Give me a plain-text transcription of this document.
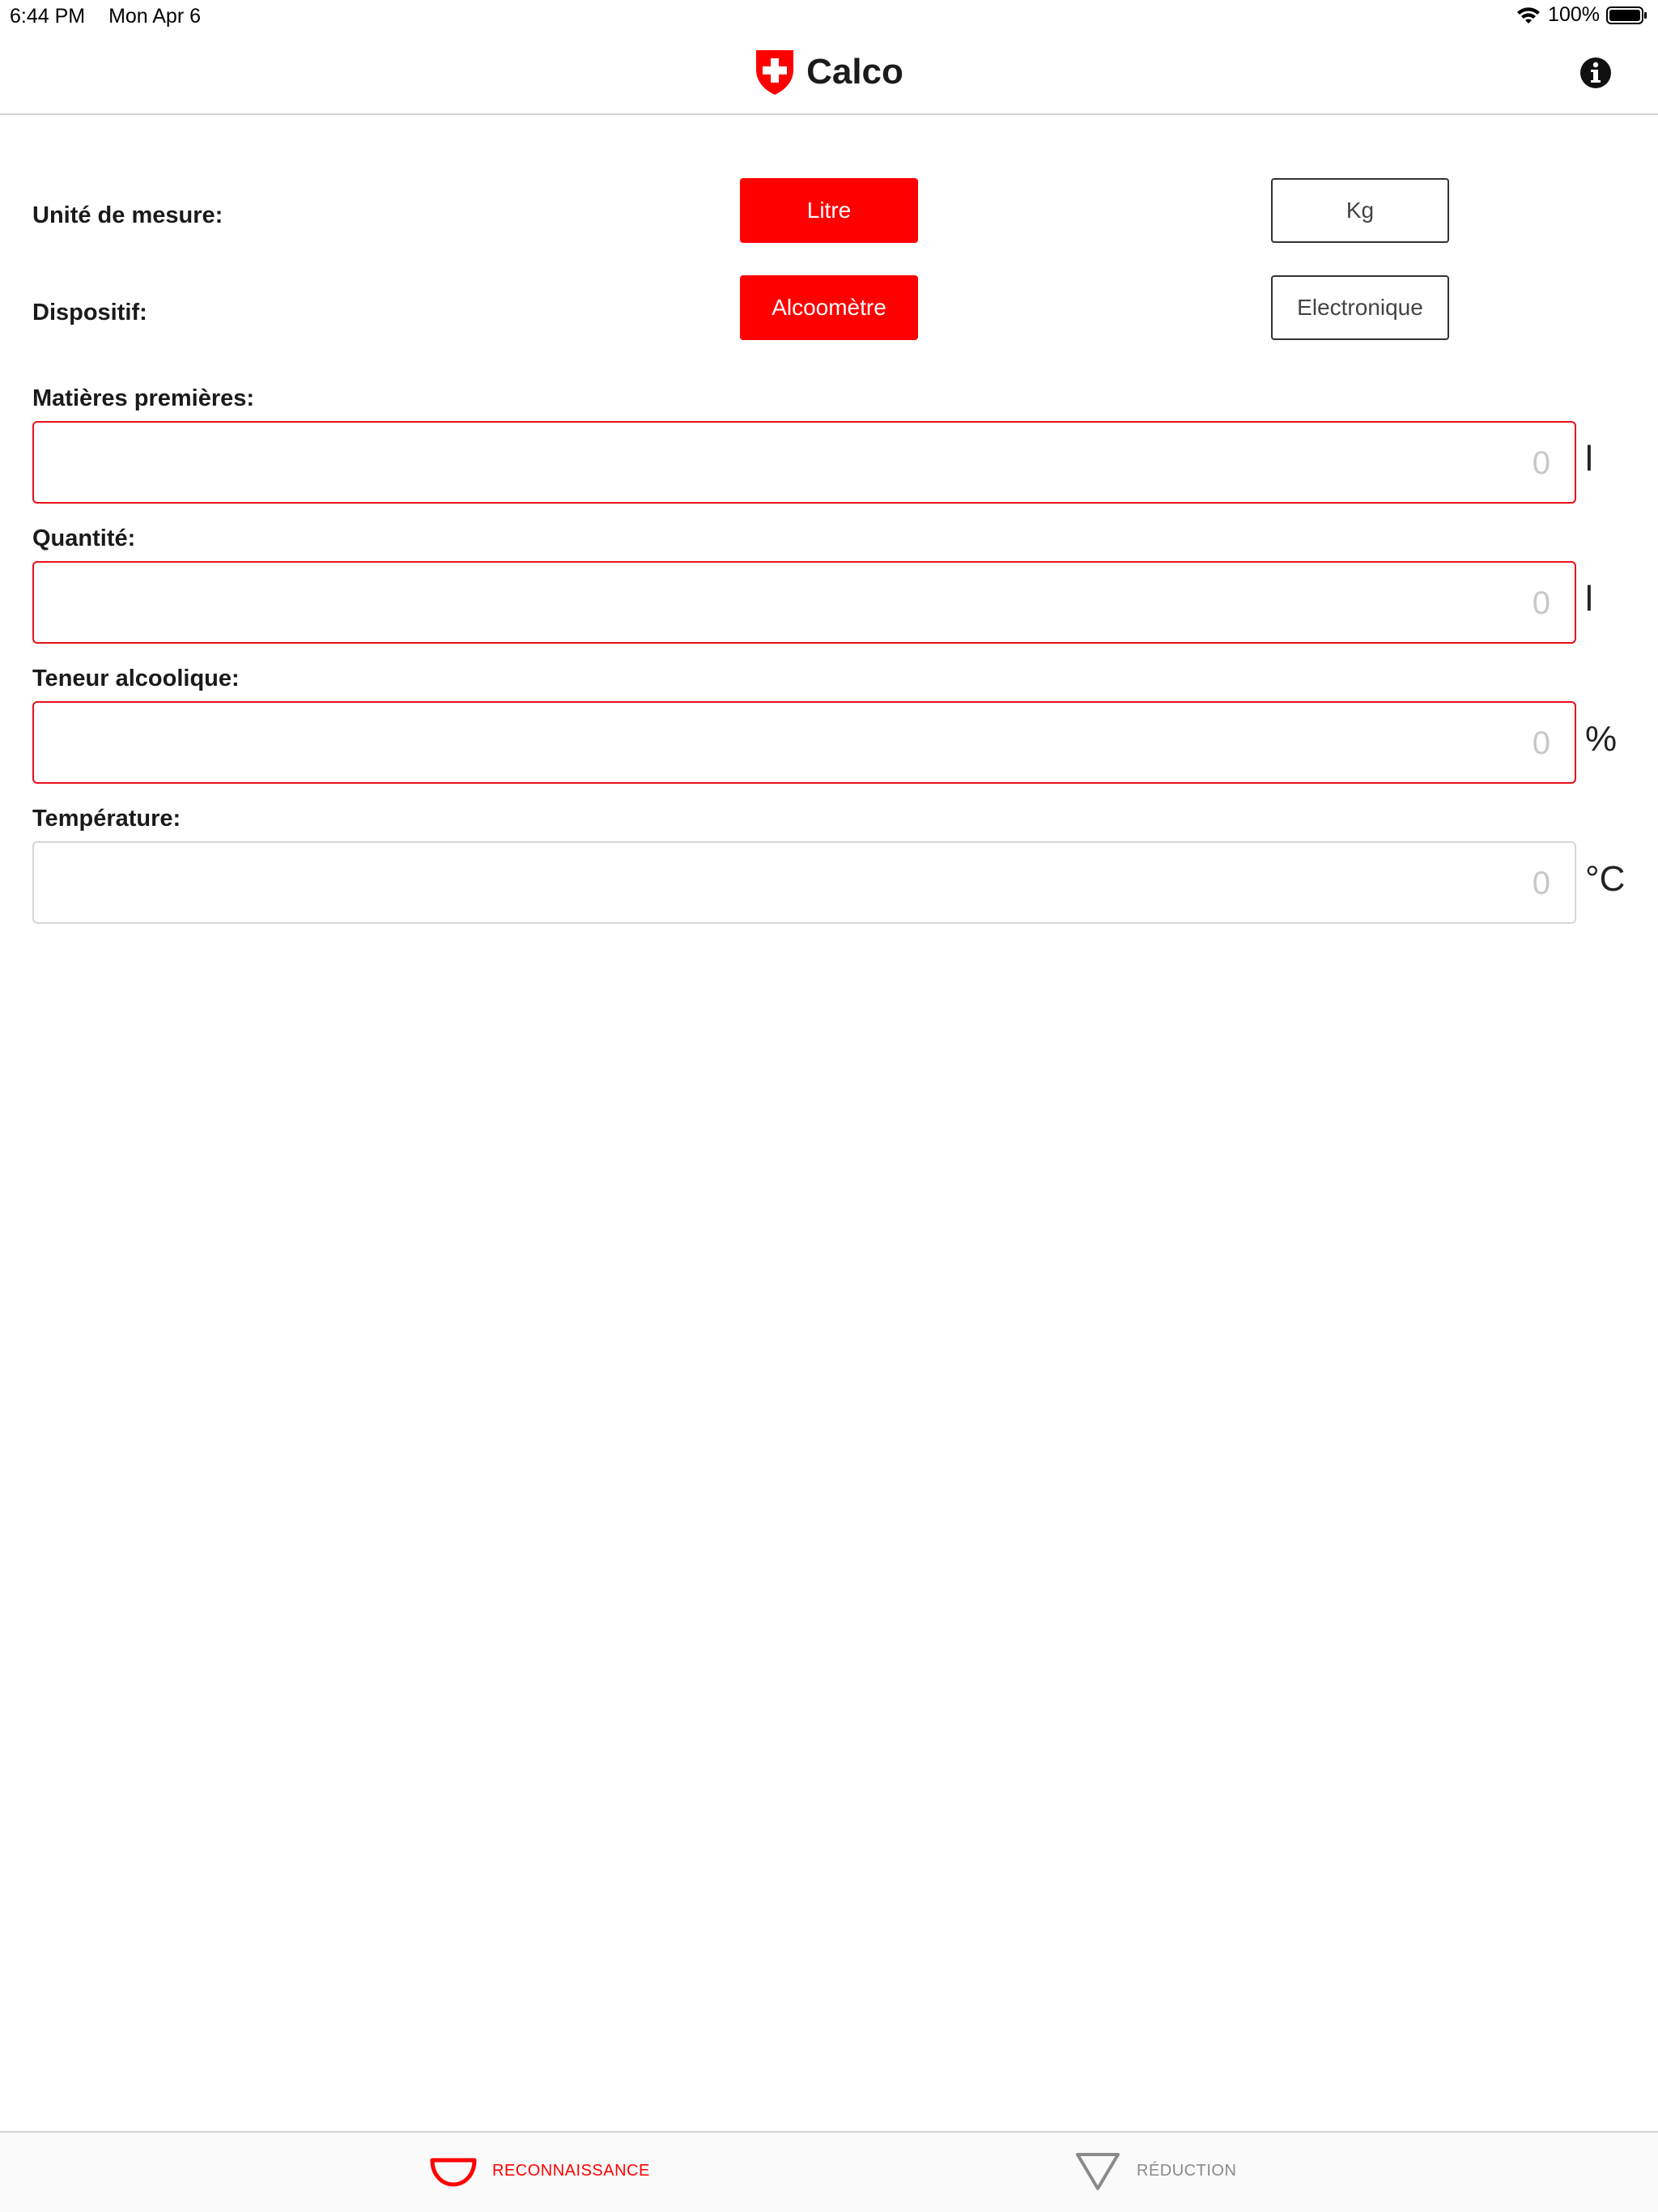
6:44 PM Mon Apr 6	100%
Calco
Unité de mesure:	Litre	Kg
Dispositif:	Alcoomètre	Electronique
Matières premières:
0
l
Quantité:
0
l
Teneur alcoolique:
0
%
Température:
0
°C
RECONNAISSANCE	RÉDUCTION
